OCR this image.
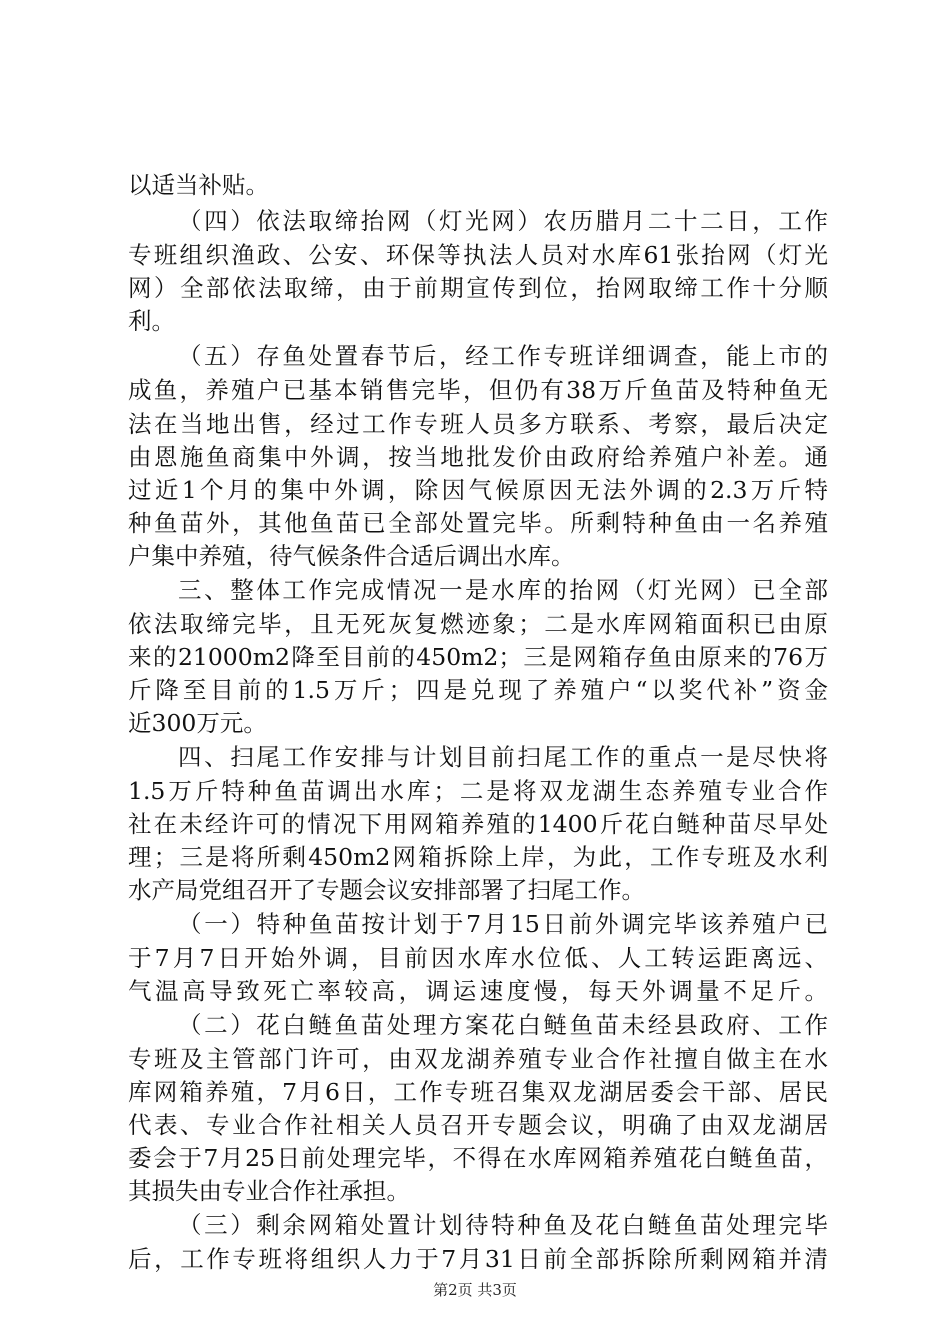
以适当补贴。
（四）依法取缔抬网（灯光网）农历腊月二十二日，工作
专班组织渔政、公安、环保等执法人员对水库61张抬网（灯光
网）全部依法取缔，由于前期宣传到位，抬网取缔工作十分顺
利。
（五）存鱼处置春节后，经工作专班详细调查，能上市的
成鱼，养殖户已基本销售完毕，但仍有38万斤鱼苗及特种鱼无
法在当地出售，经过工作专班人员多方联系、考察，最后决定
由恩施鱼商集中外调，按当地批发价由政府给养殖户补差。通
过近1个月的集中外调，除因气候原因无法外调的2.3万斤特
种鱼苗外，其他鱼苗已全部处置完毕。所剩特种鱼由一名养殖
户集中养殖，待气候条件合适后调出水库。
三、整体工作完成情况一是水库的抬网（灯光网）已全部
依法取缔完毕，且无死灰复燃迹象；二是水库网箱面积已由原
来的21000m2降至目前的450m2；三是网箱存鱼由原来的76万
斤降至目前的1.5万斤；四是兑现了养殖户“以奖代补”资金
近300万元。
四、扫尾工作安排与计划目前扫尾工作的重点一是尽快将
1.5万斤特种鱼苗调出水库；二是将双龙湖生态养殖专业合作
社在未经许可的情况下用网箱养殖的1400斤花白鲢种苗尽早处
理；三是将所剩450m2网箱拆除上岸，为此，工作专班及水利
水产局党组召开了专题会议安排部署了扫尾工作。
（一）特种鱼苗按计划于7月15日前外调完毕该养殖户已
于7月7日开始外调，目前因水库水位低、人工转运距离远、
气温高导致死亡率较高，调运速度慢，每天外调量不足斤。
（二）花白鲢鱼苗处理方案花白鲢鱼苗未经县政府、工作
专班及主管部门许可，由双龙湖养殖专业合作社擅自做主在水
库网箱养殖，7月6日，工作专班召集双龙湖居委会干部、居民
代表、专业合作社相关人员召开专题会议，明确了由双龙湖居
委会于7月25日前处理完毕，不得在水库网箱养殖花白鲢鱼苗，
其损失由专业合作社承担。
（三）剩余网箱处置计划待特种鱼及花白鲢鱼苗处理完毕
后，工作专班将组织人力于7月31日前全部拆除所剩网箱并清
第2页 共3页
